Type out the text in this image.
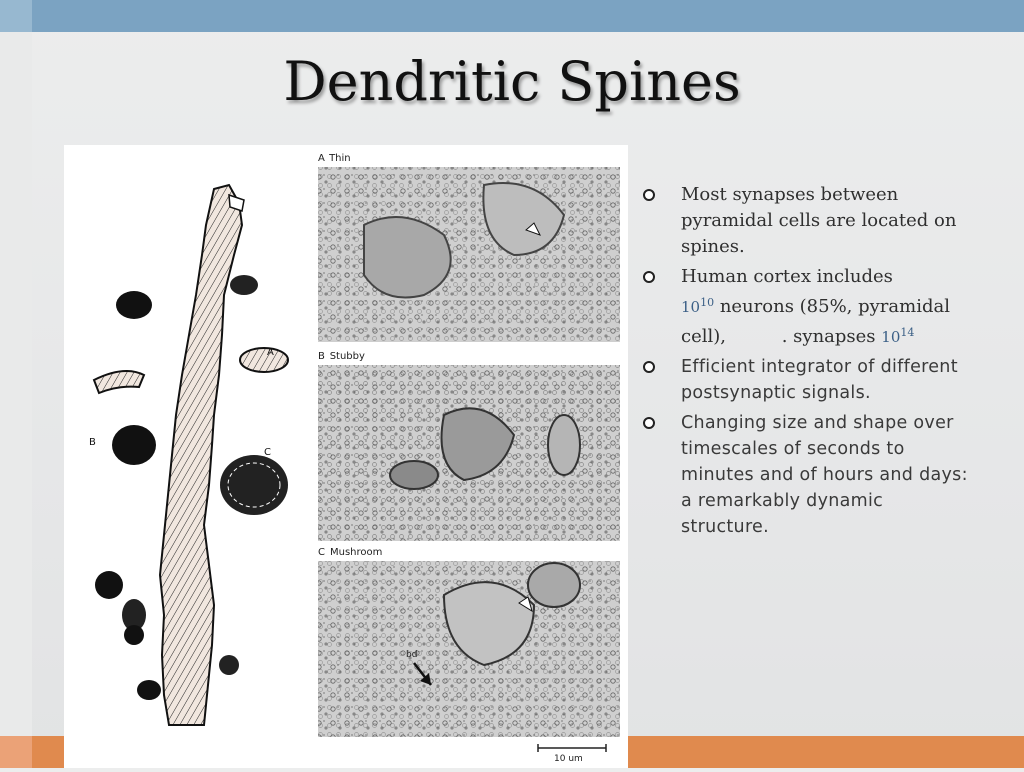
Dendritic Spines
A
B
C
A Thin
B Stubby
C Mushroom
bd
10 um
Most synapses between pyramidal cells are located on spines.
Human cortex includes
$10^{10}$ neurons (85%, pyramidal
cell),	. synapses $10^{14}$
Efficient integrator of different postsynaptic signals.
Changing size and shape over timescales of seconds to minutes and of hours and days: a remarkably dynamic structure.
